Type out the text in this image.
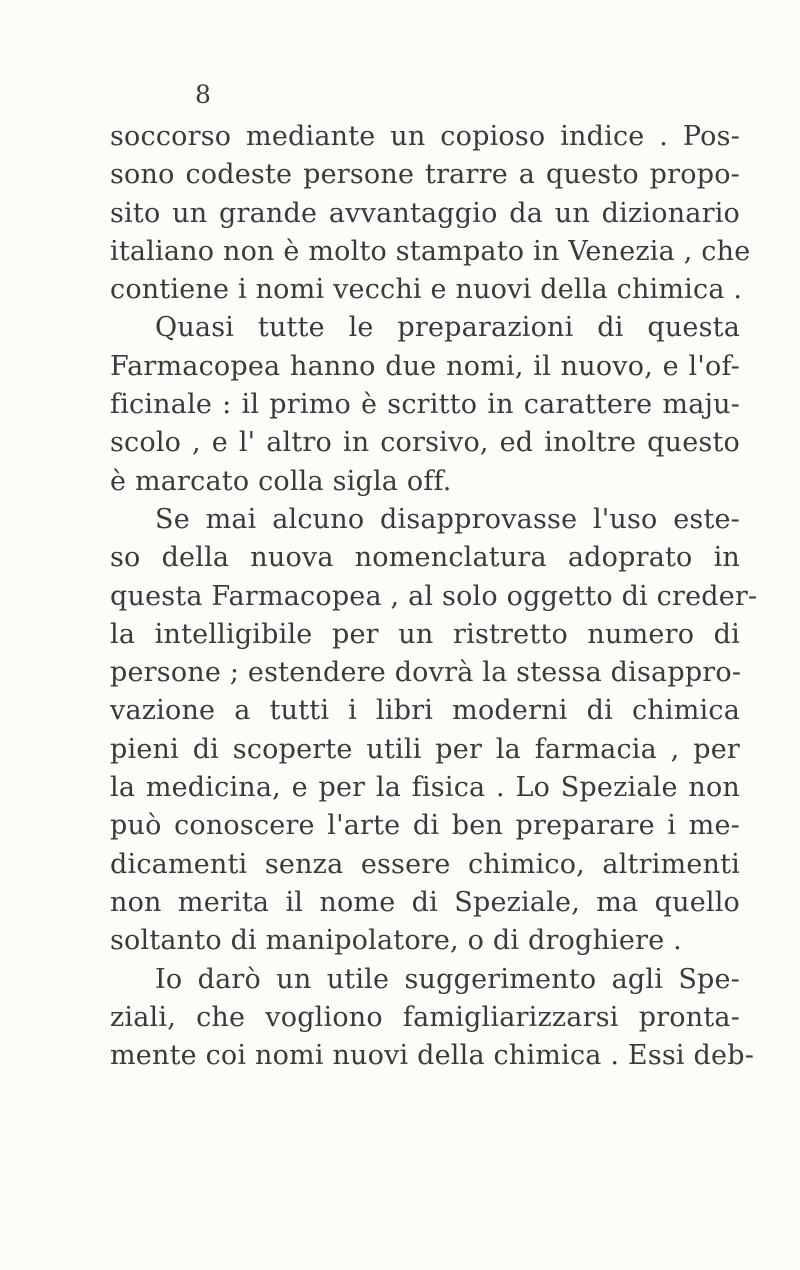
8
soccorso mediante un copioso indice . Pos-
sono codeste persone trarre a questo propo-
sito un grande avvantaggio da un dizionario
italiano non è molto stampato in Venezia , che
contiene i nomi vecchi e nuovi della chimica .
Quasi tutte le preparazioni di questa
Farmacopea hanno due nomi, il nuovo, e l'of-
ficinale : il primo è scritto in carattere maju-
scolo , e l' altro in corsivo, ed inoltre questo
è marcato colla sigla off.
Se mai alcuno disapprovasse l'uso este-
so della nuova nomenclatura adoprato in
questa Farmacopea , al solo oggetto di creder-
la intelligibile per un ristretto numero di
persone ; estendere dovrà la stessa disappro-
vazione a tutti i libri moderni di chimica
pieni di scoperte utili per la farmacia , per
la medicina, e per la fisica . Lo Speziale non
può conoscere l'arte di ben preparare i me-
dicamenti senza essere chimico, altrimenti
non merita il nome di Speziale, ma quello
soltanto di manipolatore, o di droghiere .
Io darò un utile suggerimento agli Spe-
ziali, che vogliono famigliarizzarsi pronta-
mente coi nomi nuovi della chimica . Essi deb-
